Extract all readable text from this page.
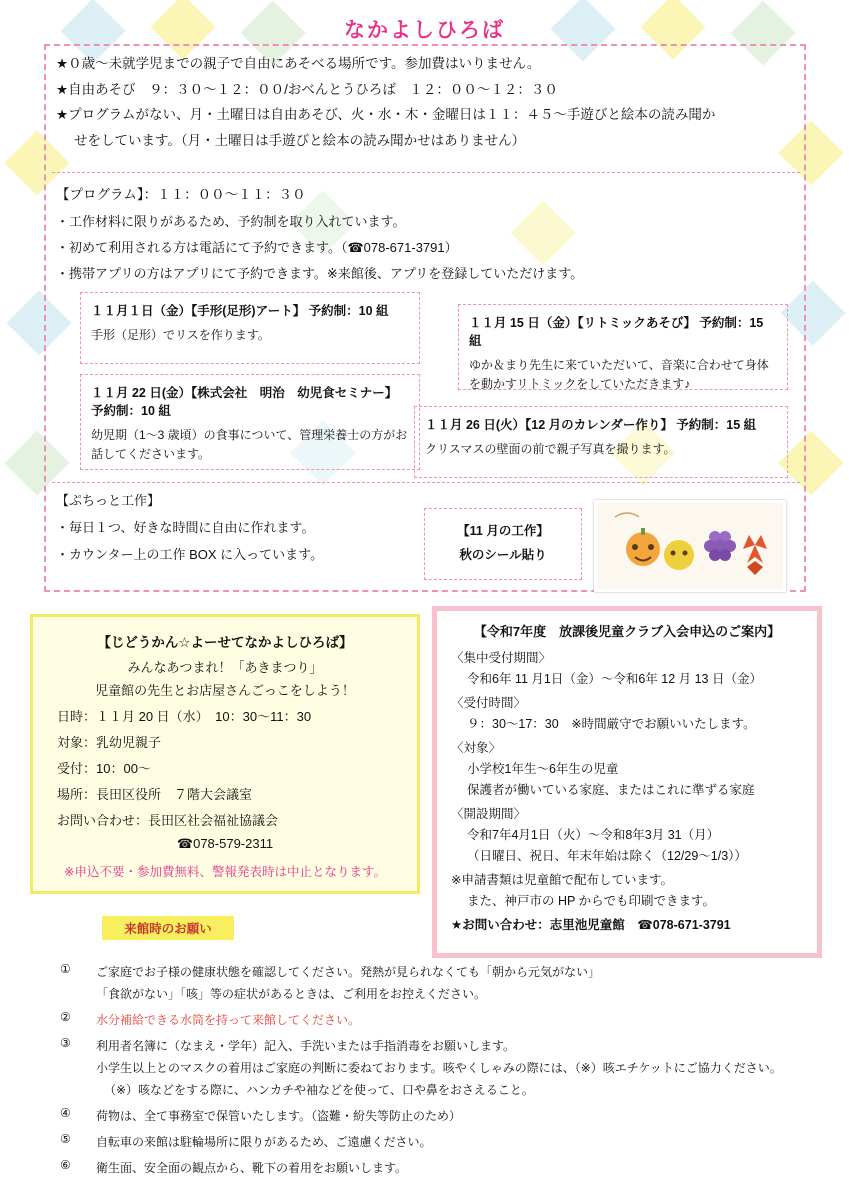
なかよしひろば

★０歳～未就学児までの親子で自由にあそべる場所です。参加費はいりません。

★自由あそび　９：３０～１２：００/おべんとうひろば　１２：００～１２：３０

★プログラムがない、月・土曜日は自由あそび、火・水・木・金曜日は１１：４５～手遊びと絵本の読み聞か

せをしています。（月・土曜日は手遊びと絵本の読み聞かせはありません）

【プログラム】：１１：００～１１：３０

・工作材料に限りがあるため、予約制を取り入れています。

・初めて利用される方は電話にて予約できます。（☎078-671-3791）

・携帯アプリの方はアプリにて予約できます。※来館後、アプリを登録していただけます。

１１月１日（金）【手形(足形)アート】 予約制：10 組
手形（足形）でリスを作ります。
１１月 15 日（金）【リトミックあそび】 予約制：15 組
ゆか＆まり先生に来ていただいて、音楽に合わせて身体を動かすリトミックをしていただきます♪
１１月 22 日(金）【株式会社　明治　幼児食セミナー】 予約制：10 組
幼児期（1～3 歳頃）の食事について、管理栄養士の方がお話してくださいます。
１１月 26 日(火）【12 月のカレンダー作り】 予約制：15 組
クリスマスの壁面の前で親子写真を撮ります。

【ぷちっと工作】

・毎日１つ、好きな時間に自由に作れます。

・カウンター上の工作 BOX に入っています。

【11 月の工作】
秋のシール貼り
【じどうかん☆よーせてなかよしひろば】
みんなあつまれ！「あきまつり」
児童館の先生とお店屋さんごっこをしよう！
日時：１１月 20 日（水）　10：30～11：30
対象：乳幼児親子
受付：10：00～
場所：長田区役所　７階大会議室
お問い合わせ：長田区社会福祉協議会
☎078-579-2311
※申込不要・参加費無料、警報発表時は中止となります。
【令和7年度　放課後児童クラブ入会申込のご案内】
〈集中受付期間〉
令和6年 11 月1日（金）～令和6年 12 月 13 日（金）
〈受付時間〉
９：30～17：30　※時間厳守でお願いいたします。
〈対象〉
小学校1年生～6年生の児童
保護者が働いている家庭、またはこれに準ずる家庭
〈開設期間〉
令和7年4月1日（火）～令和8年3月 31（月）
（日曜日、祝日、年末年始は除く（12/29～1/3））
※申請書類は児童館で配布しています。
また、神戸市の HP からでも印刷できます。
★お問い合わせ：志里池児童館　☎078-671-3791
来館時のお願い
①	ご家庭でお子様の健康状態を確認してください。発熱が見られなくても「朝から元気がない」
「食欲がない」「咳」等の症状があるときは、ご利用をお控えください。
②	水分補給できる水筒を持って来館してください。
③	利用者名簿に（なまえ・学年）記入、手洗いまたは手指消毒をお願いします。
小学生以上とのマスクの着用はご家庭の判断に委ねております。咳やくしゃみの際には、（※）咳エチケットにご協力ください。
（※）咳などをする際に、ハンカチや袖などを使って、口や鼻をおさえること。
④	荷物は、全て事務室で保管いたします。（盗難・紛失等防止のため）
⑤	自転車の来館は駐輪場所に限りがあるため、ご遠慮ください。
⑥	衛生面、安全面の観点から、靴下の着用をお願いします。
